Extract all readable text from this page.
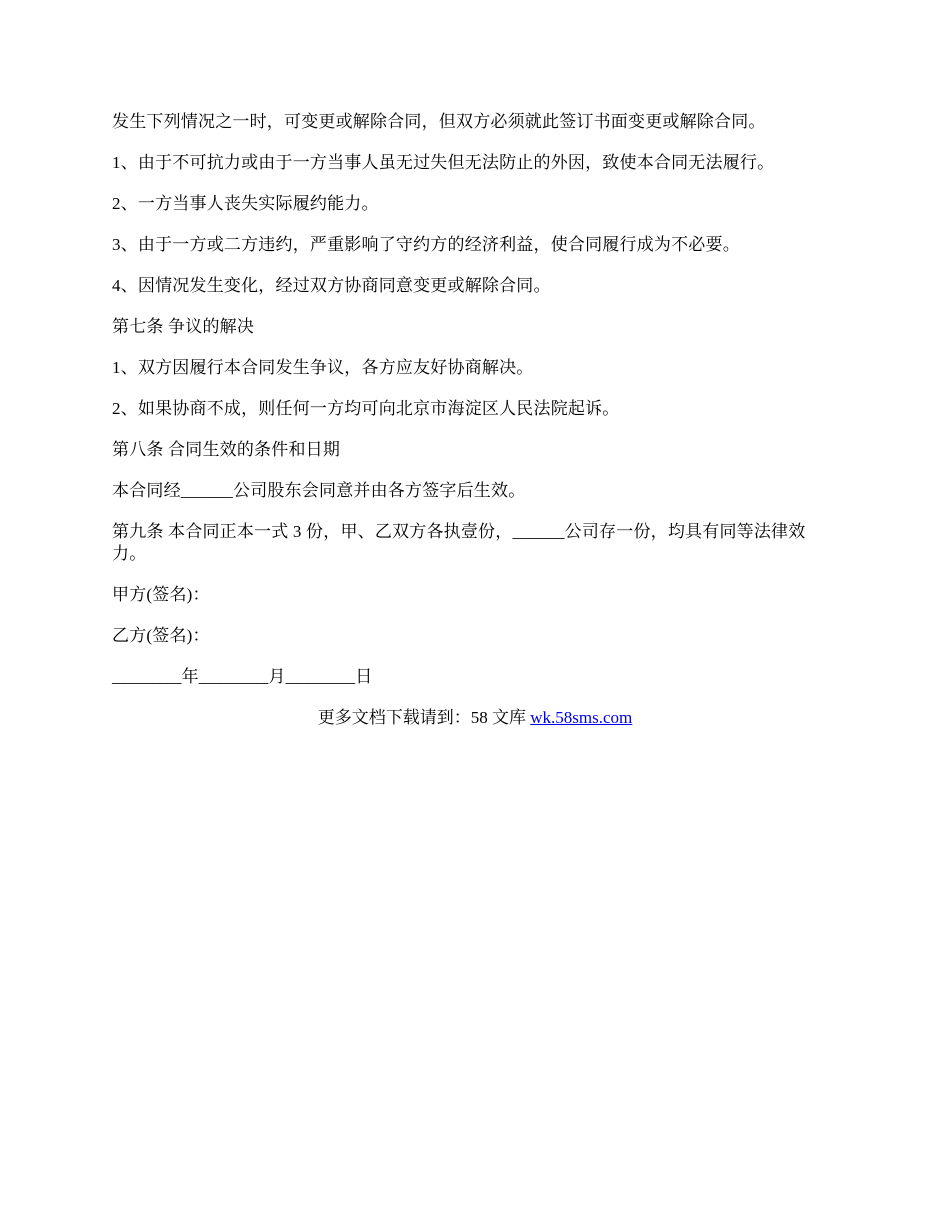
发生下列情况之一时，可变更或解除合同，但双方必须就此签订书面变更或解除合同。

1、由于不可抗力或由于一方当事人虽无过失但无法防止的外因，致使本合同无法履行。

2、一方当事人丧失实际履约能力。

3、由于一方或二方违约，严重影响了守约方的经济利益，使合同履行成为不必要。

4、因情况发生变化，经过双方协商同意变更或解除合同。

第七条 争议的解决

1、双方因履行本合同发生争议，各方应友好协商解决。

2、如果协商不成，则任何一方均可向北京市海淀区人民法院起诉。

第八条 合同生效的条件和日期

本合同经______公司股东会同意并由各方签字后生效。

第九条 本合同正本一式 3 份，甲、乙双方各执壹份，______公司存一份，均具有同等法律效力。

甲方(签名)：

乙方(签名)：

________年________月________日

更多文档下载请到：58 文库 wk.58sms.com
